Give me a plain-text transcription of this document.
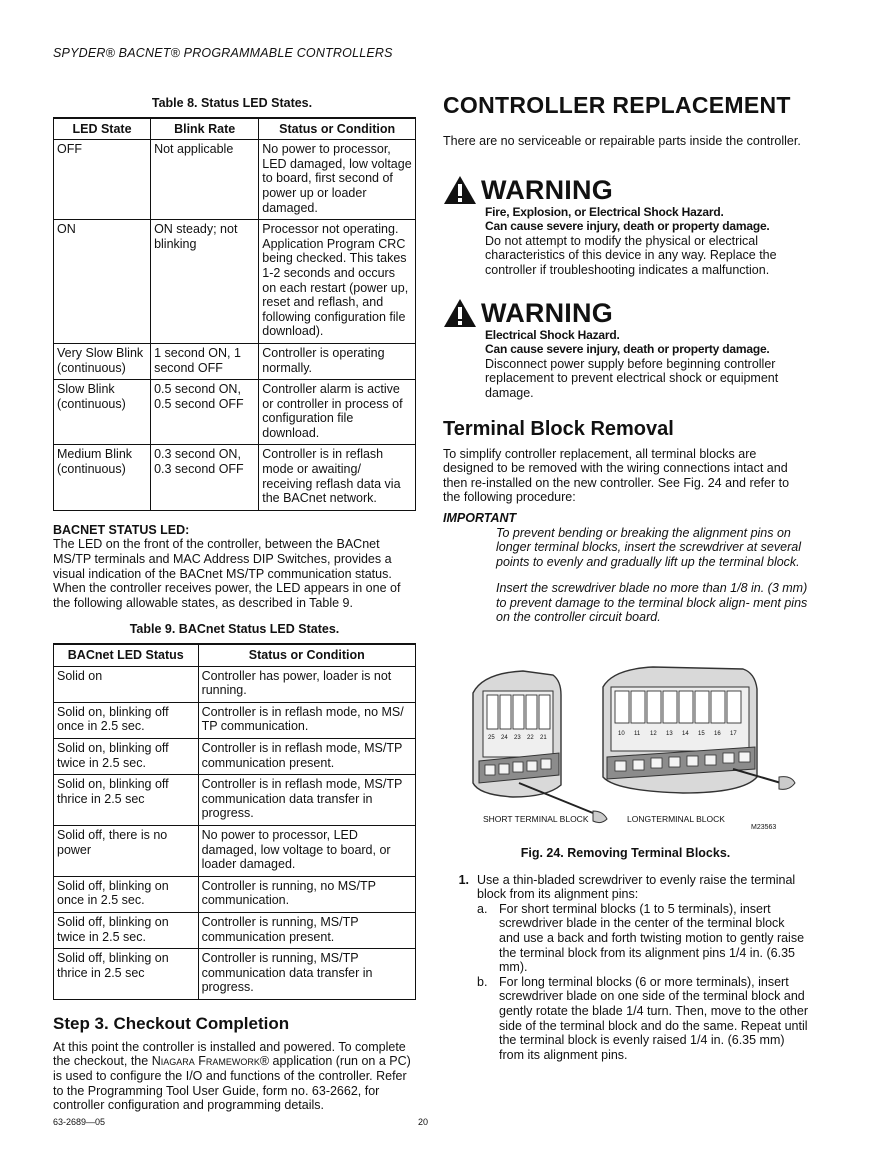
SPYDER® BACNET® PROGRAMMABLE CONTROLLERS
Table 8. Status LED States.
LED State	Blink Rate	Status or Condition
OFF	Not applicable	No power to processor, LED damaged, low voltage to board, first second of power up or loader damaged.
ON	ON steady; not blinking	Processor not operating. Application Program CRC being checked. This takes 1-2 seconds and occurs on each restart (power up, reset and reflash, and following configuration file download).
Very Slow Blink (continuous)	1 second ON, 1 second OFF	Controller is operating normally.
Slow Blink (continuous)	0.5 second ON, 0.5 second OFF	Controller alarm is active or controller in process of configuration file download.
Medium Blink (continuous)	0.3 second ON, 0.3 second OFF	Controller is in reflash mode or awaiting/ receiving reflash data via the BACnet network.
BACNET STATUS LED:

The LED on the front of the controller, between the BACnet MS/TP terminals and MAC Address DIP Switches, provides a visual indication of the BACnet MS/TP communication status. When the controller receives power, the LED appears in one of the following allowable states, as described in Table 9.

Table 9. BACnet Status LED States.
BACnet LED Status	Status or Condition
Solid on	Controller has power, loader is not running.
Solid on, blinking off once in 2.5 sec.	Controller is in reflash mode, no MS/ TP communication.
Solid on, blinking off twice in 2.5 sec.	Controller is in reflash mode, MS/TP communication present.
Solid on, blinking off thrice in 2.5 sec	Controller is in reflash mode, MS/TP communication data transfer in progress.
Solid off, there is no power	No power to processor, LED damaged, low voltage to board, or loader damaged.
Solid off, blinking on once in 2.5 sec.	Controller is running, no MS/TP communication.
Solid off, blinking on twice in 2.5 sec.	Controller is running, MS/TP communication present.
Solid off, blinking on thrice in 2.5 sec	Controller is running, MS/TP communication data transfer in progress.
Step 3. Checkout Completion

At this point the controller is installed and powered. To complete the checkout, the Niagara Framework® application (run on a PC) is used to configure the I/O and functions of the controller. Refer to the Programming Tool User Guide, form no. 63-2662, for controller configuration and programming details.

CONTROLLER REPLACEMENT

There are no serviceable or repairable parts inside the controller.

WARNING
Fire, Explosion, or Electrical Shock Hazard.
Can cause severe injury, death or property damage.
Do not attempt to modify the physical or electrical characteristics of this device in any way. Replace the controller if troubleshooting indicates a malfunction.
WARNING
Electrical Shock Hazard.
Can cause severe injury, death or property damage.
Disconnect power supply before beginning controller replacement to prevent electrical shock or equipment damage.
Terminal Block Removal

To simplify controller replacement, all terminal blocks are designed to be removed with the wiring connections intact and then re-installed on the new controller. See Fig. 24 and refer to the following procedure:

IMPORTANT
To prevent bending or breaking the alignment pins on longer terminal blocks, insert the screwdriver at several points to evenly and gradually lift up the terminal block.
Insert the screwdriver blade no more than 1/8 in. (3 mm) to prevent damage to the terminal block align- ment pins on the controller circuit board.
25 24 23 22 21
10 11 12 13 14 15 16 17
SHORT TERMINAL BLOCK	LONGTERMINAL BLOCK
M23563
Fig. 24. Removing Terminal Blocks.
1. Use a thin-bladed screwdriver to evenly raise the terminal block from its alignment pins:
a. For short terminal blocks (1 to 5 terminals), insert screwdriver blade in the center of the terminal block and use a back and forth twisting motion to gently raise the terminal block from its alignment pins 1/4 in. (6.35 mm).
b. For long terminal blocks (6 or more terminals), insert screwdriver blade on one side of the terminal block and gently rotate the blade 1/4 turn. Then, move to the other side of the terminal block and do the same. Repeat until the terminal block is evenly raised 1/4 in. (6.35 mm) from its alignment pins.
63-2689—05	20
